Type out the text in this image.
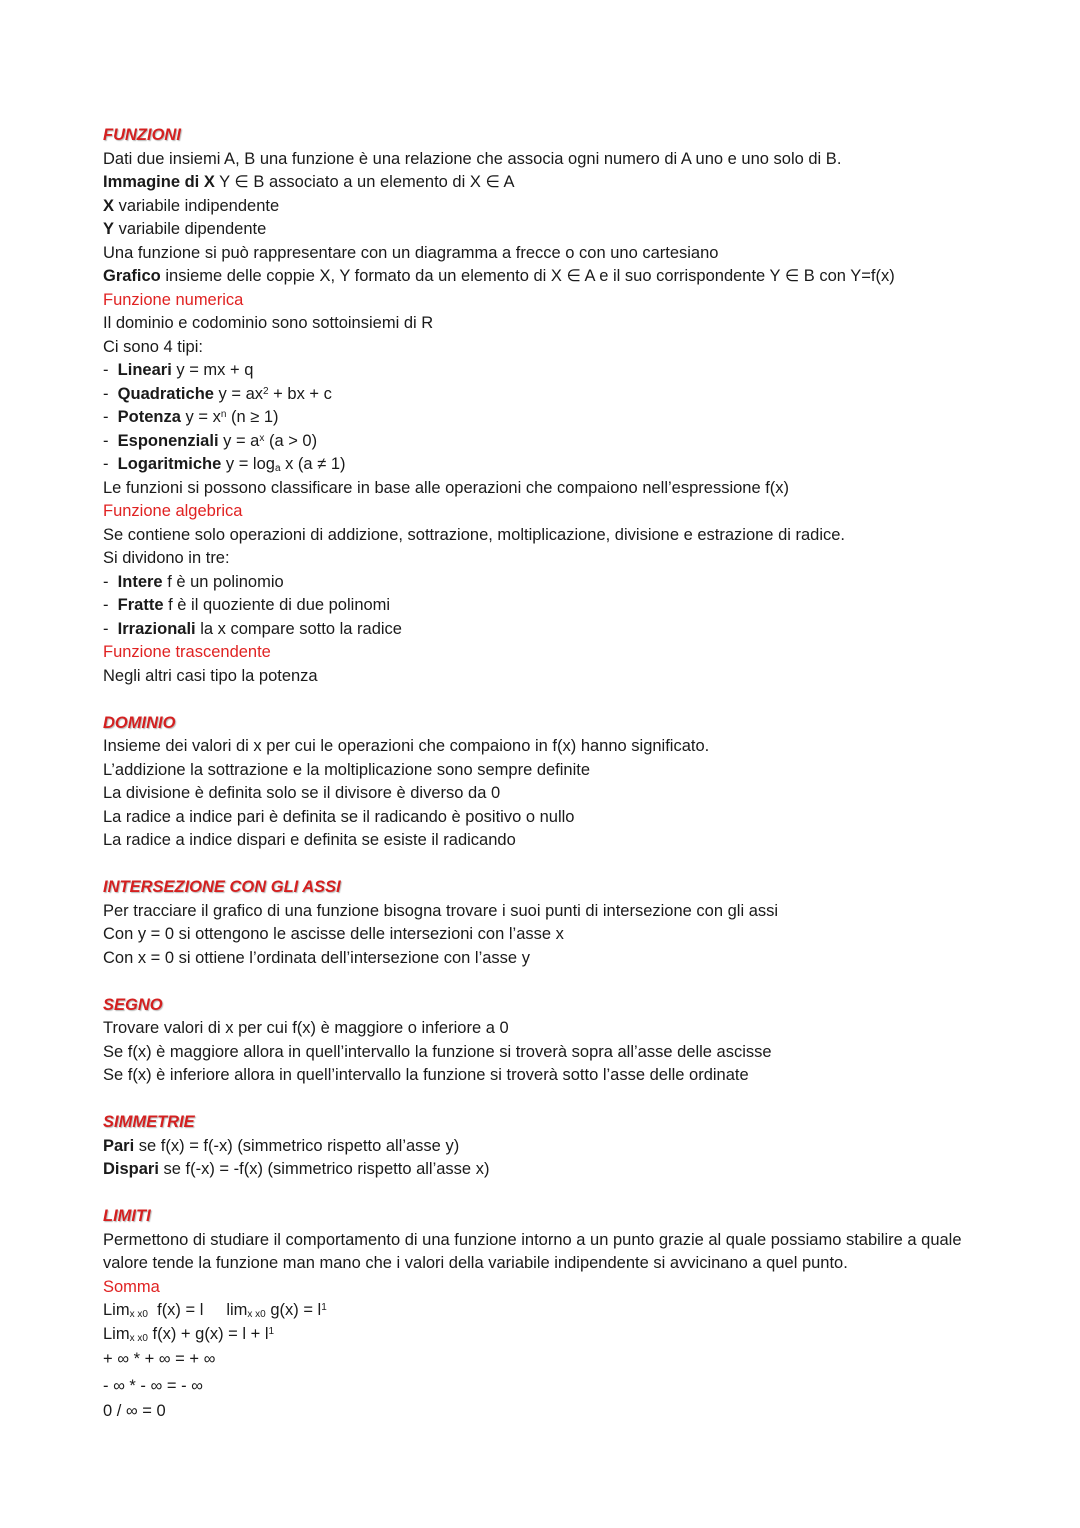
FUNZIONI
Dati due insiemi A, B una funzione è una relazione che associa ogni numero di A uno e uno solo di B.
Immagine di X Y ∈ B associato a un elemento di X ∈ A
X variabile indipendente
Y variabile dipendente
Una funzione si può rappresentare con un diagramma a frecce o con uno cartesiano
Grafico insieme delle coppie X, Y formato da un elemento di X ∈ A e il suo corrispondente Y ∈ B con Y=f(x)
Funzione numerica
Il dominio e codominio sono sottoinsiemi di R
Ci sono 4 tipi:
-  Lineari y = mx + q
-  Quadratiche $y = ax^2$ + bx + c
-  Potenza $y = x^n$ (n ≥ 1)
-  Esponenziali $y = a^x$ (a > 0)
-  Logaritmiche $y = \log_a x$ (a ≠ 1)
Le funzioni si possono classificare in base alle operazioni che compaiono nell’espressione f(x)
Funzione algebrica
Se contiene solo operazioni di addizione, sottrazione, moltiplicazione, divisione e estrazione di radice.
Si dividono in tre:
-  Intere f è un polinomio
-  Fratte f è il quoziente di due polinomi
-  Irrazionali la x compare sotto la radice
Funzione trascendente
Negli altri casi tipo la potenza
DOMINIO
Insieme dei valori di x per cui le operazioni che compaiono in f(x) hanno significato.
L’addizione la sottrazione e la moltiplicazione sono sempre definite
La divisione è definita solo se il divisore è diverso da 0
La radice a indice pari è definita se il radicando è positivo o nullo
La radice a indice dispari e definita se esiste il radicando
INTERSEZIONE CON GLI ASSI
Per tracciare il grafico di una funzione bisogna trovare i suoi punti di intersezione con gli assi
Con y = 0 si ottengono le ascisse delle intersezioni con l’asse x
Con x = 0 si ottiene l’ordinata dell’intersezione con l’asse y
SEGNO
Trovare valori di x per cui f(x) è maggiore o inferiore a 0
Se f(x) è maggiore allora in quell’intervallo la funzione si troverà sopra all’asse delle ascisse
Se f(x) è inferiore allora in quell’intervallo la funzione si troverà sotto l’asse delle ordinate
SIMMETRIE
Pari se f(x) = f(-x) (simmetrico rispetto all’asse y)
Dispari se f(-x) = -f(x) (simmetrico rispetto all’asse x)
LIMITI
Permettono di studiare il comportamento di una funzione intorno a un punto grazie al quale possiamo stabilire a quale valore tende la funzione man mano che i valori della variabile indipendente si avvicinano a quel punto.
Somma
Lim$_{x x0}$  f(x) = l     $\lim_{x x0} g(x) = l^1$
Lim$_{x x0}$ $f(x) + g(x) = l + l^1$
+ ∞ * + ∞ = + ∞
- ∞ * - ∞ = - ∞
0 / ∞ = 0
